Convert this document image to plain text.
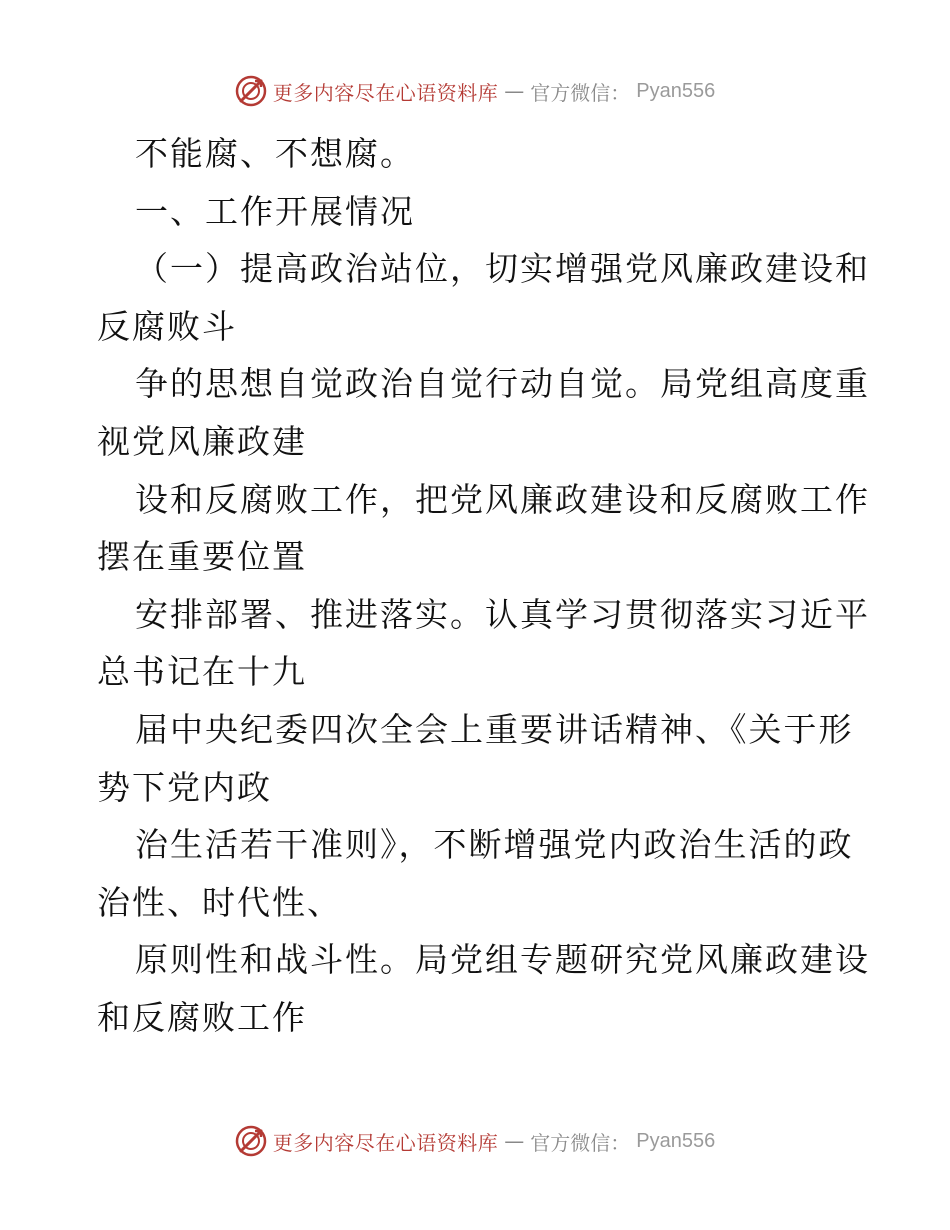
更多内容尽在心语资料库 — 官方微信： Pyan556
不能腐、不想腐。
一、工作开展情况
（一）提高政治站位，切实增强党风廉政建设和
反腐败斗
争的思想自觉政治自觉行动自觉。局党组高度重
视党风廉政建
设和反腐败工作，把党风廉政建设和反腐败工作
摆在重要位置
安排部署、推进落实。认真学习贯彻落实习近平
总书记在十九
届中央纪委四次全会上重要讲话精神、《关于形
势下党内政
治生活若干准则》，不断增强党内政治生活的政
治性、时代性、
原则性和战斗性。局党组专题研究党风廉政建设
和反腐败工作
更多内容尽在心语资料库 — 官方微信： Pyan556
